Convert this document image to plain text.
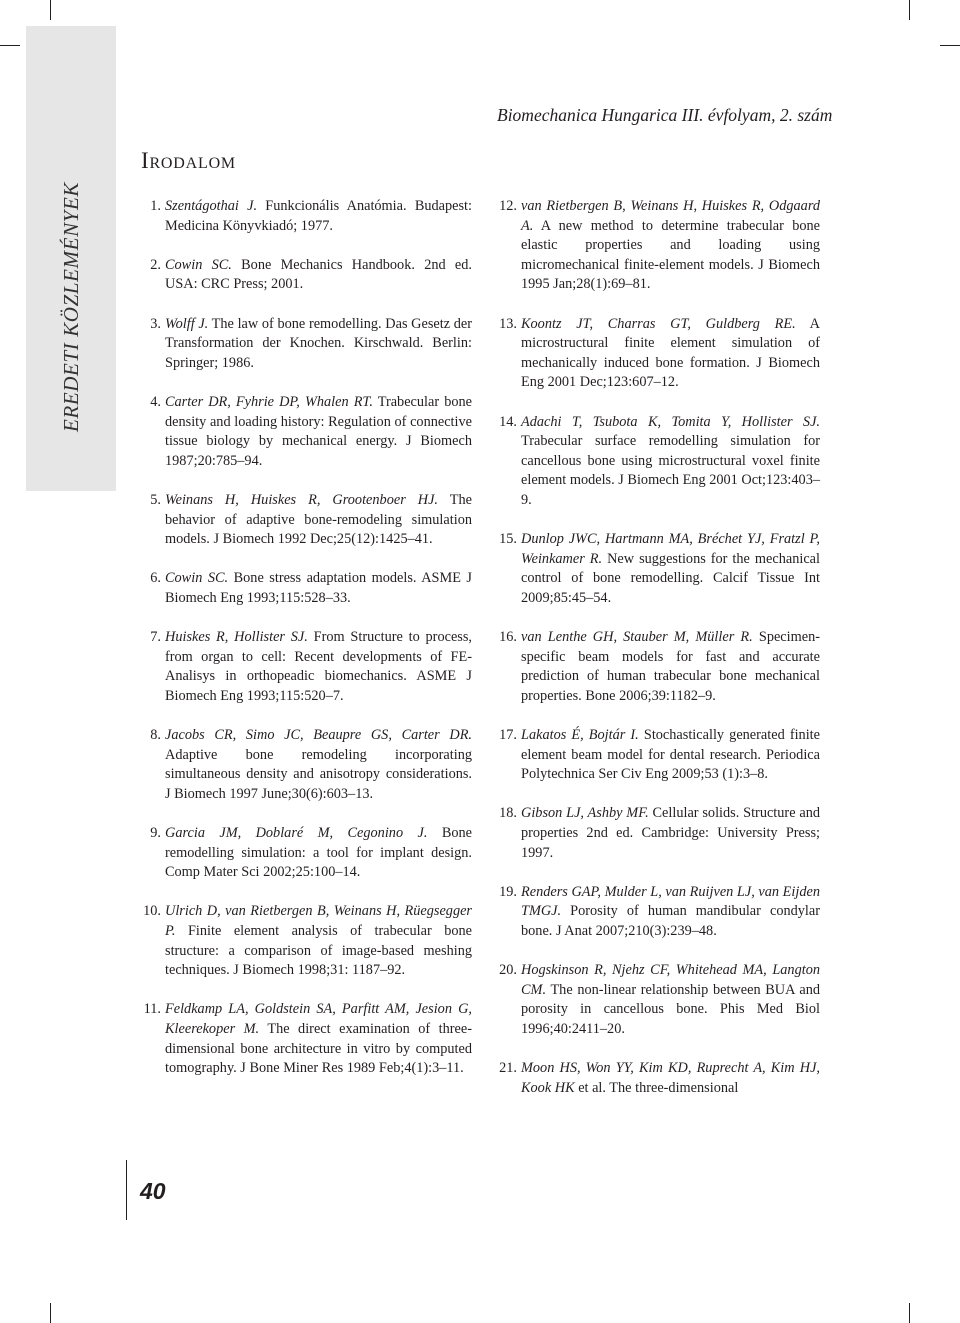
EREDETI KÖZLEMÉNYEK
Biomechanica Hungarica III. évfolyam, 2. szám
Irodalom
1. Szentágothai J. Funkcionális Anatómia. Budapest: Medicina Könyvkiadó; 1977.
2. Cowin SC. Bone Mechanics Handbook. 2nd ed. USA: CRC Press; 2001.
3. Wolff J. The law of bone remodelling. Das Gesetz der Transformation der Knochen. Kirschwald. Berlin: Springer; 1986.
4. Carter DR, Fyhrie DP, Whalen RT. Trabecular bone density and loading history: Regulation of connective tissue biology by mechanical energy. J Biomech 1987;20:785–94.
5. Weinans H, Huiskes R, Grootenboer HJ. The behavior of adaptive bone-remodeling simulation models. J Biomech 1992 Dec;25(12):1425–41.
6. Cowin SC. Bone stress adaptation models. ASME J Biomech Eng 1993;115:528–33.
7. Huiskes R, Hollister SJ. From Structure to process, from organ to cell: Recent developments of FE-Analisys in orthopeadic biomechanics. ASME J Biomech Eng 1993;115:520–7.
8. Jacobs CR, Simo JC, Beaupre GS, Carter DR. Adaptive bone remodeling incorporating simultaneous density and anisotropy considerations. J Biomech 1997 June;30(6):603–13.
9. Garcia JM, Doblaré M, Cegonino J. Bone remodelling simulation: a tool for implant design. Comp Mater Sci 2002;25:100–14.
10. Ulrich D, van Rietbergen B, Weinans H, Rüegsegger P. Finite element analysis of trabecular bone structure: a comparison of image-based meshing techniques. J Biomech 1998;31: 1187–92.
11. Feldkamp LA, Goldstein SA, Parfitt AM, Jesion G, Kleerekoper M. The direct examination of three-dimensional bone architecture in vitro by computed tomography. J Bone Miner Res 1989 Feb;4(1):3–11.
12. van Rietbergen B, Weinans H, Huiskes R, Odgaard A. A new method to determine trabecular bone elastic properties and loading using micromechanical finite-element models. J Biomech 1995 Jan;28(1):69–81.
13. Koontz JT, Charras GT, Guldberg RE. A microstructural finite element simulation of mechanically induced bone formation. J Biomech Eng 2001 Dec;123:607–12.
14. Adachi T, Tsubota K, Tomita Y, Hollister SJ. Trabecular surface remodelling simulation for cancellous bone using microstructural voxel finite element models. J Biomech Eng 2001 Oct;123:403–9.
15. Dunlop JWC, Hartmann MA, Bréchet YJ, Fratzl P, Weinkamer R. New suggestions for the mechanical control of bone remodelling. Calcif Tissue Int 2009;85:45–54.
16. van Lenthe GH, Stauber M, Müller R. Specimen-specific beam models for fast and accurate prediction of human trabecular bone mechanical properties. Bone 2006;39:1182–9.
17. Lakatos É, Bojtár I. Stochastically generated finite element beam model for dental research. Periodica Polytechnica Ser Civ Eng 2009;53 (1):3–8.
18. Gibson LJ, Ashby MF. Cellular solids. Structure and properties 2nd ed. Cambridge: University Press; 1997.
19. Renders GAP, Mulder L, van Ruijven LJ, van Eijden TMGJ. Porosity of human mandibular condylar bone. J Anat 2007;210(3):239–48.
20. Hogskinson R, Njehz CF, Whitehead MA, Langton CM. The non-linear relationship between BUA and porosity in cancellous bone. Phis Med Biol 1996;40:2411–20.
21. Moon HS, Won YY, Kim KD, Ruprecht A, Kim HJ, Kook HK et al. The three-dimensional
40
